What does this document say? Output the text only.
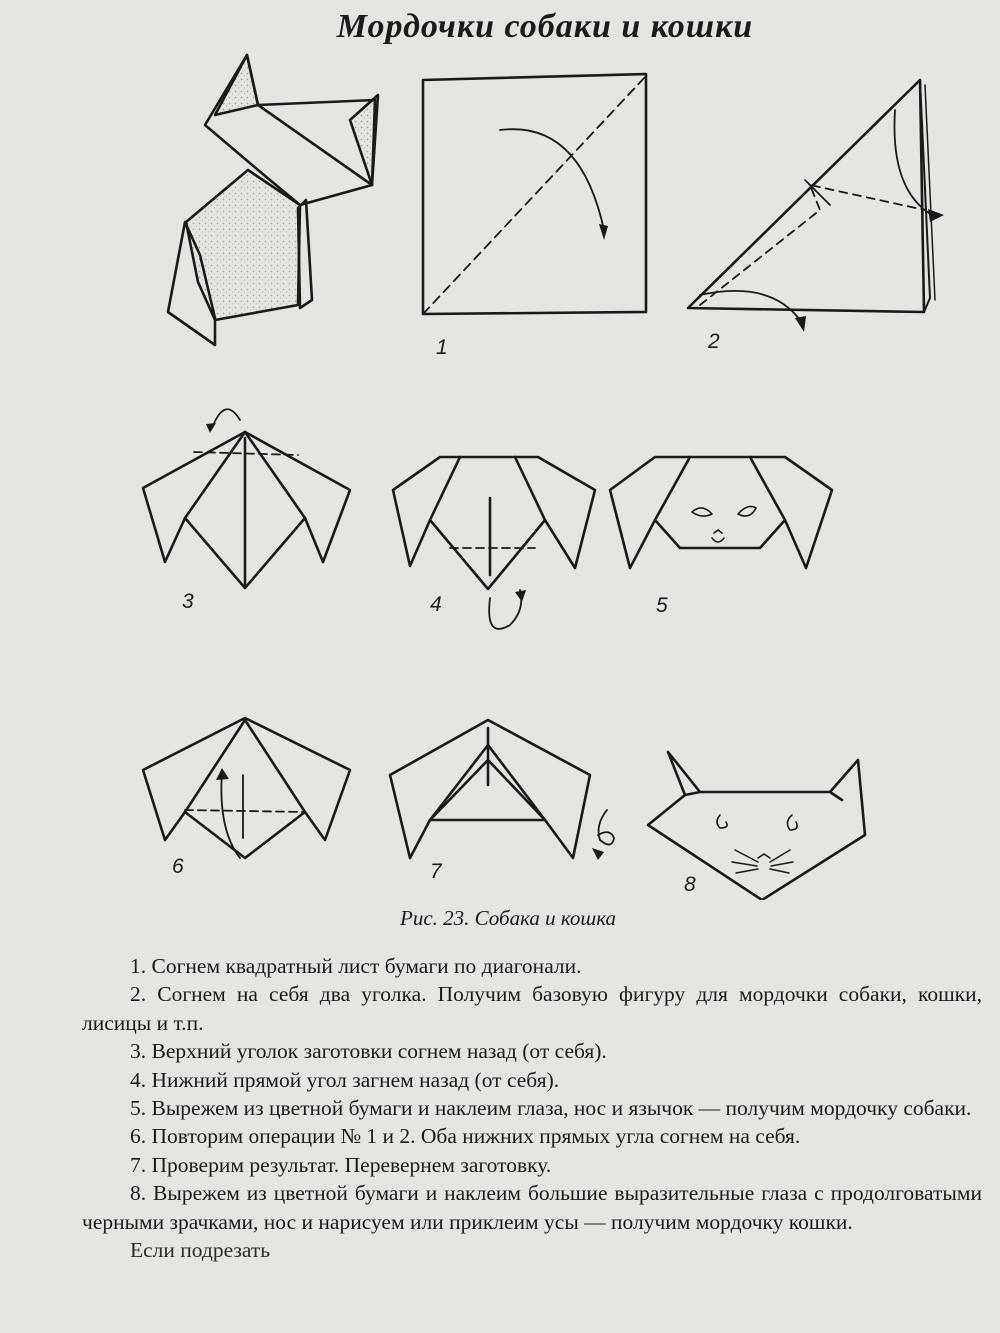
Мордочки собаки и кошки
1	2
3	4	5
6	7
8
Рис. 23. Собака и кошка

1. Согнем квадратный лист бумаги по диагонали.

2. Согнем на себя два уголка. Получим базовую фигуру для мордочки собаки, кошки, лисицы и т.п.

3. Верхний уголок заготовки согнем назад (от себя).

4. Нижний прямой угол загнем назад (от себя).

5. Вырежем из цветной бумаги и наклеим глаза, нос и язычок — получим мордочку собаки.

6. Повторим операции № 1 и 2. Оба нижних прямых угла согнем на себя.

7. Проверим результат. Перевернем заготовку.

8. Вырежем из цветной бумаги и наклеим большие выразительные глаза с продолговатыми черными зрачками, нос и нарисуем или приклеим усы — получим мордочку кошки.

Если подрезать
